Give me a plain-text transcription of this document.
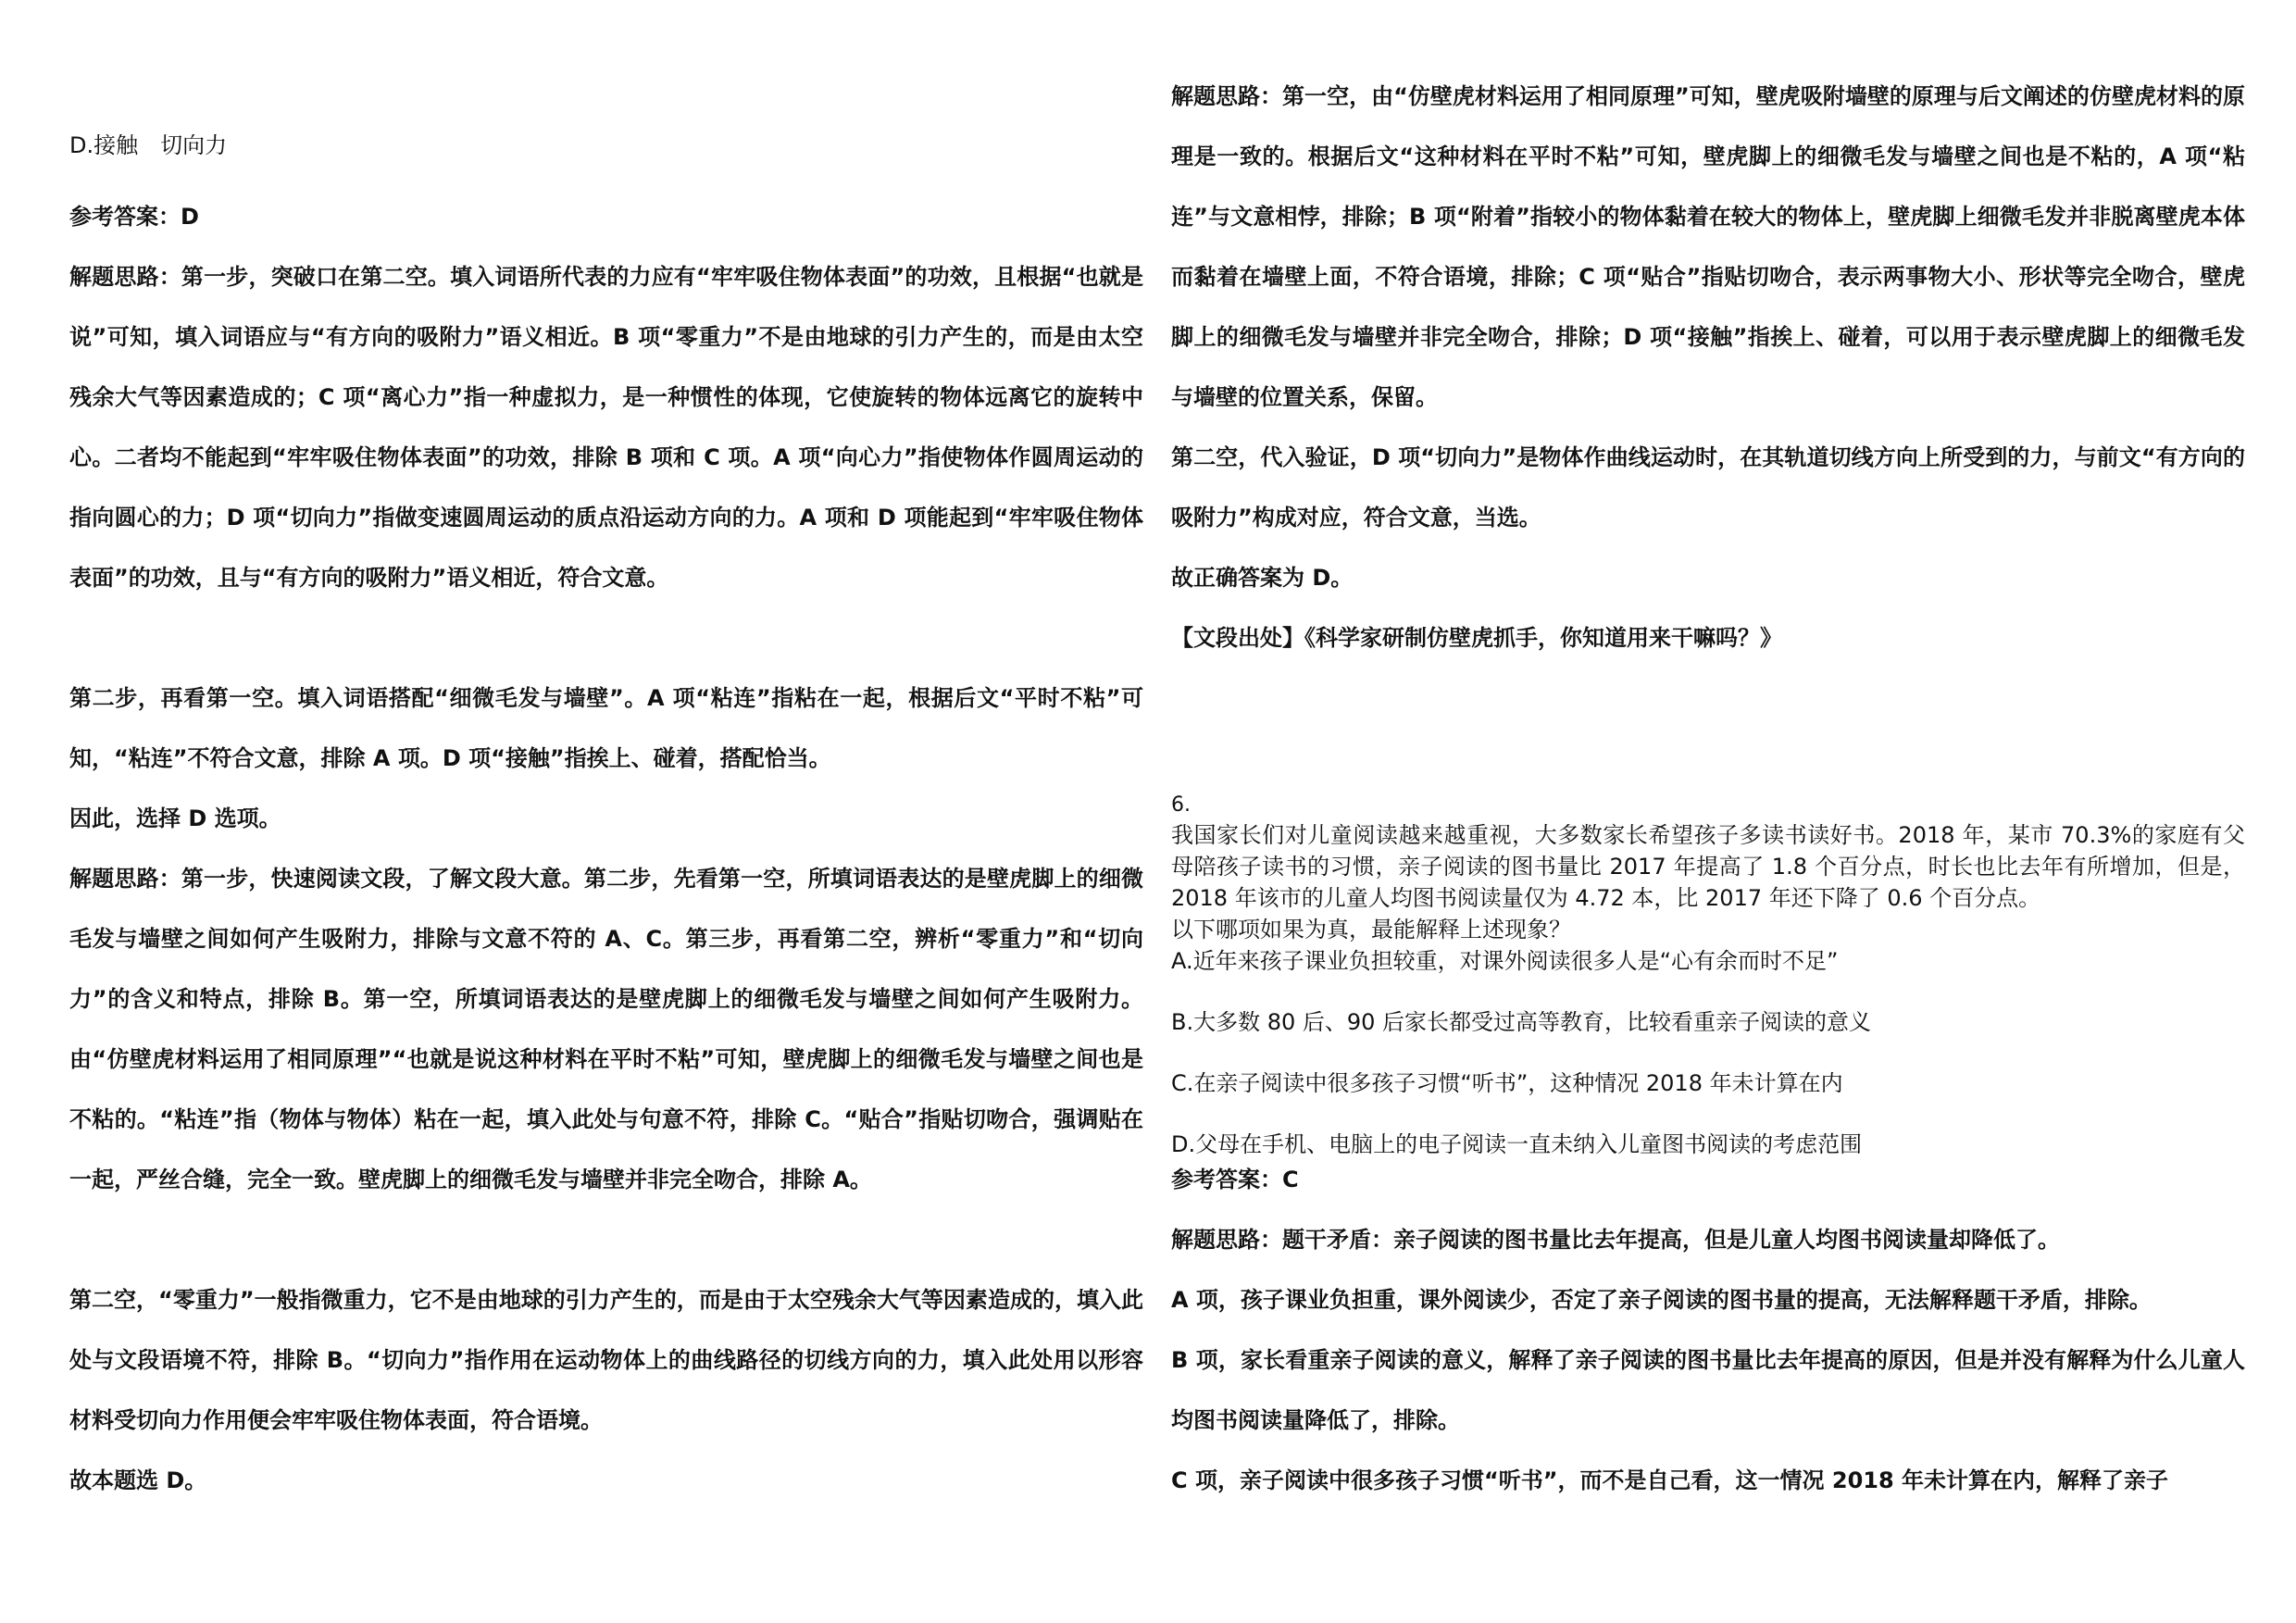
D.接触　切向力

参考答案：D

解题思路：第一步，突破口在第二空。填入词语所代表的力应有“牢牢吸住物体表面”的功效，且根据“也就是说”可知，填入词语应与“有方向的吸附力”语义相近。B 项“零重力”不是由地球的引力产生的，而是由太空残余大气等因素造成的；C 项“离心力”指一种虚拟力，是一种惯性的体现，它使旋转的物体远离它的旋转中心。二者均不能起到“牢牢吸住物体表面”的功效，排除 B 项和 C 项。A 项“向心力”指使物体作圆周运动的指向圆心的力；D 项“切向力”指做变速圆周运动的质点沿运动方向的力。A 项和 D 项能起到“牢牢吸住物体表面”的功效，且与“有方向的吸附力”语义相近，符合文意。

第二步，再看第一空。填入词语搭配“细微毛发与墙壁”。A 项“粘连”指粘在一起，根据后文“平时不粘”可知，“粘连”不符合文意，排除 A 项。D 项“接触”指挨上、碰着，搭配恰当。

因此，选择 D 选项。

解题思路：第一步，快速阅读文段，了解文段大意。第二步，先看第一空，所填词语表达的是壁虎脚上的细微毛发与墙壁之间如何产生吸附力，排除与文意不符的 A、C。第三步，再看第二空，辨析“零重力”和“切向力”的含义和特点，排除 B。第一空，所填词语表达的是壁虎脚上的细微毛发与墙壁之间如何产生吸附力。由“仿壁虎材料运用了相同原理”“也就是说这种材料在平时不粘”可知，壁虎脚上的细微毛发与墙壁之间也是不粘的。“粘连”指（物体与物体）粘在一起，填入此处与句意不符，排除 C。“贴合”指贴切吻合，强调贴在一起，严丝合缝，完全一致。壁虎脚上的细微毛发与墙壁并非完全吻合，排除 A。

第二空，“零重力”一般指微重力，它不是由地球的引力产生的，而是由于太空残余大气等因素造成的，填入此处与文段语境不符，排除 B。“切向力”指作用在运动物体上的曲线路径的切线方向的力，填入此处用以形容材料受切向力作用便会牢牢吸住物体表面，符合语境。

故本题选 D。

解题思路：第一空，由“仿壁虎材料运用了相同原理”可知，壁虎吸附墙壁的原理与后文阐述的仿壁虎材料的原理是一致的。根据后文“这种材料在平时不粘”可知，壁虎脚上的细微毛发与墙壁之间也是不粘的，A 项“粘连”与文意相悖，排除；B 项“附着”指较小的物体黏着在较大的物体上，壁虎脚上细微毛发并非脱离壁虎本体而黏着在墙壁上面，不符合语境，排除；C 项“贴合”指贴切吻合，表示两事物大小、形状等完全吻合，壁虎脚上的细微毛发与墙壁并非完全吻合，排除；D 项“接触”指挨上、碰着，可以用于表示壁虎脚上的细微毛发与墙壁的位置关系，保留。

第二空，代入验证，D 项“切向力”是物体作曲线运动时，在其轨道切线方向上所受到的力，与前文“有方向的吸附力”构成对应，符合文意，当选。

故正确答案为 D。

【文段出处】《科学家研制仿壁虎抓手，你知道用来干嘛吗？》

6.

我国家长们对儿童阅读越来越重视，大多数家长希望孩子多读书读好书。2018 年，某市 70.3%的家庭有父母陪孩子读书的习惯，亲子阅读的图书量比 2017 年提高了 1.8 个百分点，时长也比去年有所增加，但是，2018 年该市的儿童人均图书阅读量仅为 4.72 本，比 2017 年还下降了 0.6 个百分点。

以下哪项如果为真，最能解释上述现象？

A.近年来孩子课业负担较重，对课外阅读很多人是“心有余而时不足”

B.大多数 80 后、90 后家长都受过高等教育，比较看重亲子阅读的意义

C.在亲子阅读中很多孩子习惯“听书”，这种情况 2018 年未计算在内

D.父母在手机、电脑上的电子阅读一直未纳入儿童图书阅读的考虑范围

参考答案：C

解题思路：题干矛盾：亲子阅读的图书量比去年提高，但是儿童人均图书阅读量却降低了。

A 项，孩子课业负担重，课外阅读少，否定了亲子阅读的图书量的提高，无法解释题干矛盾，排除。

B 项，家长看重亲子阅读的意义，解释了亲子阅读的图书量比去年提高的原因，但是并没有解释为什么儿童人均图书阅读量降低了，排除。

C 项，亲子阅读中很多孩子习惯“听书”，而不是自己看，这一情况 2018 年未计算在内，解释了亲子
